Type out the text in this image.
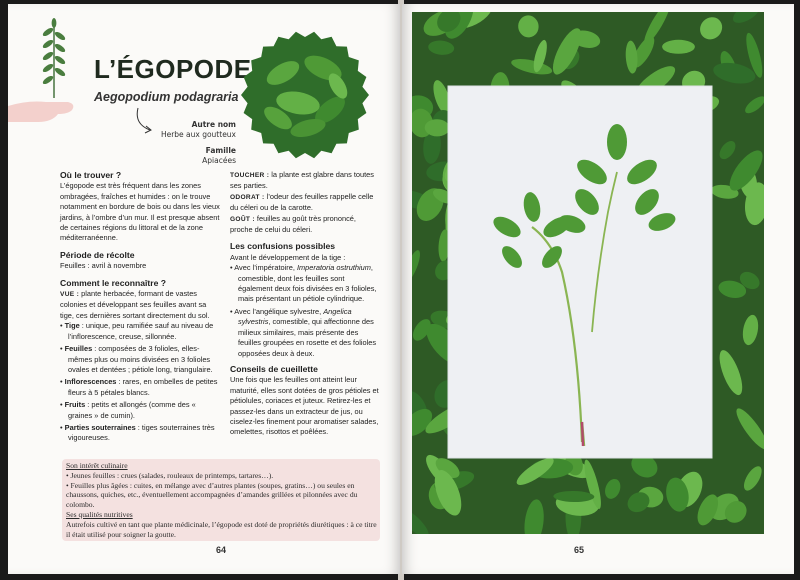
L’ÉGOPODE
Aegopodium podagraria
Autre nom
Herbe aux goutteux
Famille
Apiacées
Où le trouver ?

L’égopode est très fréquent dans les zones ombragées, fraîches et humides : on le trouve notamment en bordure de bois ou dans les vieux jardins, à l’ombre d’un mur. Il est presque absent de certaines régions du littoral et de la zone méditerranéenne.

Période de récolte

Feuilles : avril à novembre

Comment le reconnaître ?
VUE : plante herbacée, formant de vastes colonies et développant ses feuilles avant sa tige, ces dernières sortant directement du sol.
• Tige : unique, peu ramifiée sauf au niveau de l’inflorescence, creuse, sillonnée.
• Feuilles : composées de 3 folioles, elles-mêmes plus ou moins divisées en 3 folioles ovales et dentées ; pétiole long, triangulaire.
• Inflorescences : rares, en ombelles de petites fleurs à 5 pétales blancs.
• Fruits : petits et allongés (comme des « graines » de cumin).
• Parties souterraines : tiges souterraines très vigoureuses.

TOUCHER : la plante est glabre dans toutes ses parties.

ODORAT : l’odeur des feuilles rappelle celle du céleri ou de la carotte.

GOÛT : feuilles au goût très prononcé, proche de celui du céleri.

Les confusions possibles
Avant le développement de la tige :
• Avec l’impératoire, Imperatoria ostruthium, comestible, dont les feuilles sont également deux fois divisées en 3 folioles, mais présentant un pétiole cylindrique.
• Avec l’angélique sylvestre, Angelica sylvestris, comestible, qui affectionne des milieux similaires, mais présente des feuilles groupées en rosette et des folioles opposées deux à deux.
Conseils de cueillette

Une fois que les feuilles ont atteint leur maturité, elles sont dotées de gros pétioles et pétiolules, coriaces et juteux. Retirez-les et passez-les dans un extracteur de jus, ou ciselez-les finement pour aromatiser salades, omelettes, risottos et poêlées.

Son intérêt culinaire
• Jeunes feuilles : crues (salades, rouleaux de printemps, tartares…).
• Feuilles plus âgées : cuites, en mélange avec d’autres plantes (soupes, gratins…) ou seules en chaussons, quiches, etc., éventuellement accompagnées d’amandes grillées et pilonnées avec du colombo.
Ses qualités nutritives
Autrefois cultivé en tant que plante médicinale, l’égopode est doté de propriétés diurétiques : à ce titre il était utilisé pour soigner la goutte.
64	65
